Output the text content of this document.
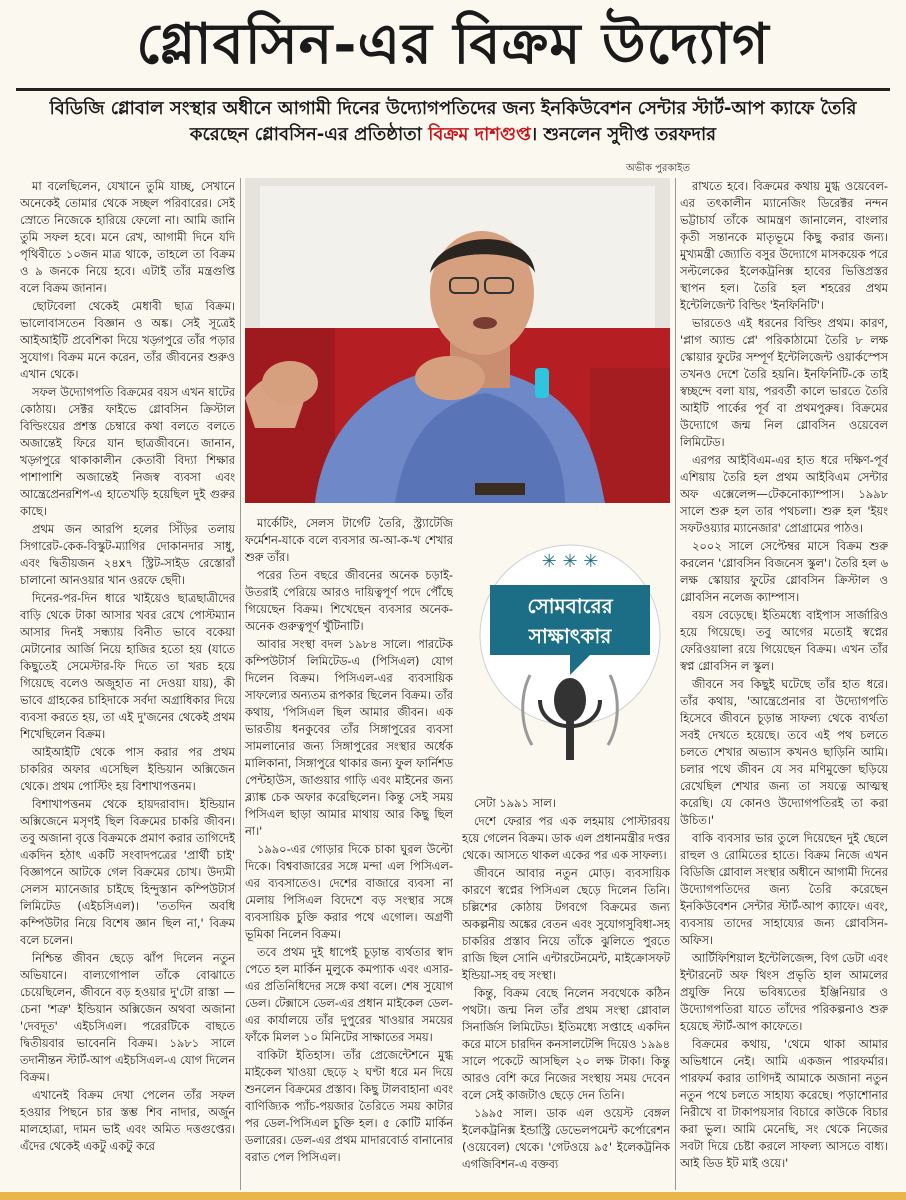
গ্লোবসিন-এর বিক্রম উদ্যোগ
বিডিজি গ্লোবাল সংস্থার অধীনে আগামী দিনের উদ্যোগপতিদের জন্য ইনকিউবেশন সেন্টার স্টার্ট-আপ ক্যাফে তৈরি করেছেন গ্লোবসিন-এর প্রতিষ্ঠাতা বিক্রম দাশগুপ্ত। শুনলেন সুদীপ্ত তরফদার
অভীক পুরকাইত
✳ ✳ ✳
সোমবারের
সাক্ষাৎকার

মা বলেছিলেন, যেখানে তুমি যাচ্ছ, সেখানে অনেকেই তোমার থেকে সচ্ছল পরিবারের। সেই স্রোতে নিজেকে হারিয়ে ফেলো না। আমি জানি তুমি সফল হবে। মনে রেখ, আগামী দিনে যদি পৃথিবীতে ১০জন মাত্র থাকে, তাহলে তা বিক্রম ও ৯ জনকে নিয়ে হবে। এটাই তাঁর মন্ত্রগুপ্তি বলে বিক্রম জানান।

ছোটবেলা থেকেই মেধাবী ছাত্র বিক্রম। ভালোবাসতেন বিজ্ঞান ও অঙ্ক। সেই সূত্রেই আইআইটি প্রবেশিকা দিয়ে খড়্গপুরে তাঁর পড়ার সুযোগ। বিক্রম মনে করেন, তাঁর জীবনের শুরুও এখান থেকে।

সফল উদ্যোগপতি বিক্রমের বয়স এখন ষাটের কোঠায়। সেক্টর ফাইভে গ্লোবসিন ক্রিস্টাল বিল্ডিংয়ের প্রশস্ত চেম্বারে কথা বলতে বলতে অজান্তেই ফিরে যান ছাত্রজীবনে। জানান, খড়্গপুরে থাকাকালীন কেতাবী বিদ্যা শিক্ষার পাশাপাশি অজান্তেই নিজস্ব ব্যবসা এবং আন্ত্রেপ্রেনরশিপ-এ হাতেখড়ি হয়েছিল দুই গুরুর কাছে।

প্রথম জন আরপি হলের সিঁড়ির তলায় সিগারেট-কেক-বিস্কুট-ম্যাগির দোকানদার সাধু, এবং দ্বিতীয়জন ২৪x৭ স্ট্রিট-সাইড রেস্তোরাঁ চালানো আনওয়ার খান ওরফে ছেদী।

দিনের-পর-দিন ধারে খাইয়েও ছাত্রছাত্রীদের বাড়ি থেকে টাকা আসার খবর রেখে পোস্টম্যান আসার দিনই সন্ধ্যায় বিনীত ভাবে বকেয়া মেটানোর আর্জি নিয়ে হাজির হতো হয় (যাতে কিছুতেই সেমেস্টার-ফি দিতে তা খরচ হয়ে গিয়েছে বলেও অজুহাত না দেওয়া যায়), কী ভাবে গ্রাহকের চাহিদাকে সর্বদা অগ্রাধিকার দিয়ে ব্যবসা করতে হয়, তা এই দু'জনের থেকেই প্রথম শিখেছিলেন বিক্রম।

আইআইটি থেকে পাস করার পর প্রথম চাকরির অফার এসেছিল ইন্ডিয়ান অক্সিজেন থেকে। প্রথম পোস্টিং হয় বিশাখাপত্তনম।

বিশাখাপত্তনম থেকে হায়দরাবাদ। ইন্ডিয়ান অক্সিজেনে মসৃণই ছিল বিক্রমের চাকরি জীবন। তবু অজানা বৃত্তে বিক্রমকে প্রমাণ করার তাগিদেই একদিন হঠাৎ একটি সংবাদপত্রের 'প্রার্থী চাই' বিজ্ঞাপনে আটকে গেল বিক্রমের চোখ। উদ্যমী সেলস ম্যানেজার চাইছে হিন্দুস্তান কম্পিউটার্স লিমিটেড (এইচসিএল)। 'ততদিন অবধি কম্পিউটার নিয়ে বিশেষ জ্ঞান ছিল না,' বিক্রম বলে চলেন।

নিশ্চিন্ত জীবন ছেড়ে ঝাঁপ দিলেন নতুন অভিযানে। বাল্যগোপাল তাঁকে বোঝাতে চেয়েছিলেন, জীবনে বড় হওয়ার দু'টো রাস্তা — চেনা 'শত্রু' ইন্ডিয়ান অক্সিজেন অথবা অজানা 'দেবদূত' এইচসিএল। পরেরটিকে বাছতে দ্বিতীয়বার ভাবেননি বিক্রম। ১৯৮১ সালে তদানীন্তন স্টার্ট-আপ এইচসিএল-এ যোগ দিলেন বিক্রম।

এখানেই বিক্রম দেখা পেলেন তাঁর সফল হওয়ার পিছনে চার স্তম্ভ শিব নাদার, অর্জুন মালহোত্রা, দামন ভাই এবং অমিত দত্তগুপ্তের। এঁদের থেকেই একটু একটু করে

মার্কেটিং, সেলস টার্গেট তৈরি, স্ট্র্যাটেজি ফর্মেশন-যাকে বলে ব্যবসার অ-আ-ক-খ শেখার শুরু তাঁর।

পরের তিন বছরে জীবনের অনেক চড়াই-উতরাই পেরিয়ে আরও দায়িত্বপূর্ণ পদে পৌঁছে গিয়েছেন বিক্রম। শিখেছেন ব্যবসার অনেক-অনেক গুরুত্বপূর্ণ খুঁটিনাটি।

আবার সংস্থা বদল ১৯৮৪ সালে। পারটেক কম্পিউটার্স লিমিটেড-এ (পিসিএল) যোগ দিলেন বিক্রম। পিসিএল-এর ব্যবসায়িক সাফল্যের অন্যতম রূপকার ছিলেন বিক্রম। তাঁর কথায়, 'পিসিএল ছিল আমার জীবন। এক ভারতীয় ধনকুবের তাঁর সিঙ্গাপুরের ব্যবসা সামলানোর জন্য সিঙ্গাপুরের সংস্থার অর্ধেক মালিকানা, সিঙ্গাপুরে থাকার জন্য ফুল ফার্নিশড পেন্টহাউস, জাগুয়ার গাড়ি এবং মাইনের জন্য ব্ল্যাঙ্ক চেক অফার করেছিলেন। কিন্তু সেই সময় পিসিএল ছাড়া আমার মাথায় আর কিছু ছিল না।'

১৯৯০-এর গোড়ার দিকে চাকা ঘুরল উল্টো দিকে। বিশ্ববাজারের সঙ্গে মন্দা এল পিসিএল-এর ব্যবসাতেও। দেশের বাজারে ব্যবসা না মেলায় পিসিএল বিদেশে বড় সংস্থার সঙ্গে ব্যবসায়িক চুক্তি করার পথে এগোল। অগ্রণী ভূমিকা নিলেন বিক্রম।

তবে প্রথম দুই ধাপেই চূড়ান্ত ব্যর্থতার স্বাদ পেতে হল মার্কিন মুলুকে কমপ্যাক এবং এসার-এর প্রতিনিধিদের সঙ্গে কথা বলে। শেষ সুযোগ ডেল। টেক্সাসে ডেল-এর প্রধান মাইকেল ডেল-এর কার্যালয়ে তাঁর দুপুরের খাওয়ার সময়ের ফাঁকে মিলল ১০ মিনিটের সাক্ষাতের সময়।

বাকিটা ইতিহাস। তাঁর প্রেজেন্টেশনে মুগ্ধ মাইকেল খাওয়া ছেড়ে ২ ঘণ্টা ধরে মন দিয়ে শুনলেন বিক্রমের প্রস্তাব। কিছু টালবাহানা এবং বাণিজ্যিক প্যাঁচ-পয়জার তৈরিতে সময় কাটার পর ডেল-পিসিএল চুক্তি হল। ৫ কোটি মার্কিন ডলারের। ডেল-এর প্রথম মাদারবোর্ড বানানোর বরাত পেল পিসিএল।

সেটা ১৯৯১ সাল।

দেশে ফেরার পর এক লহমায় পোস্টারবয় হয়ে গেলেন বিক্রম। ডাক এল প্রধানমন্ত্রীর দপ্তর থেকে। আসতে থাকল একের পর এক সাফল্য।

জীবনে আবার নতুন মোড়। ব্যবসায়িক কারণে স্বপ্নের পিসিএল ছেড়ে দিলেন তিনি। চল্লিশের কোঠায় টগবগে বিক্রমের জন্য অকল্পনীয় অঙ্কের বেতন এবং সুযোগসুবিধা-সহ চাকরির প্রস্তাব নিয়ে তাঁকে ঝুলিতে পুরতে রাজি ছিল সোনি এন্টারটেনমেন্ট, মাইক্রোসফট ইন্ডিয়া-সহ বহু সংস্থা।

কিন্তু, বিক্রম বেছে নিলেন সবথেকে কঠিন পথটা। জন্ম নিল তাঁর প্রথম সংস্থা গ্লোবাল সিনার্জিস লিমিটেড। ইতিমধ্যে সপ্তাহে একদিন করে মাসে চারদিন কনসালটেন্সি দিয়েও ১৯৯৪ সালে পকেটে আসছিল ২০ লক্ষ টাকা। কিন্তু আরও বেশি করে নিজের সংস্থায় সময় দেবেন বলে সেই কাজটাও ছেড়ে দেন তিনি।

১৯৯৫ সাল। ডাক এল ওয়েস্ট বেঙ্গল ইলেকট্রনিক্স ইন্ডাস্ট্রি ডেভেলপমেন্ট কর্পোরেশন (ওয়েবেল) থেকে। 'গেটওয়ে ৯৫' ইলেকট্রনিক এগজিবিশন-এ বক্তব্য

রাখতে হবে। বিক্রমের কথায় মুগ্ধ ওয়েবেল-এর তৎকালীন ম্যানেজিং ডিরেক্টর নন্দন ভট্টাচার্য তাঁকে আমন্ত্রণ জানালেন, বাংলার কৃতী সন্তানকে মাতৃভূমে কিছু করার জন্য। মুখ্যমন্ত্রী জ্যোতি বসুর উদ্যোগে মাসকয়েক পরে সল্টলেকের ইলেকট্রনিক্স হাবের ভিত্তিপ্রস্তর স্থাপন হল। তৈরি হল শহরের প্রথম ইন্টেলিজেন্ট বিল্ডিং 'ইনফিনিটি'।

ভারতেও এই ধরনের বিল্ডিং প্রথম। কারণ, 'প্লাগ অ্যান্ড প্লে' পরিকাঠামো তৈরি ৮ লক্ষ স্কোয়ার ফুটের সম্পূর্ণ ইন্টেলিজেন্ট ওয়ার্কস্পেস তখনও দেশে তৈরি হয়নি। ইনফিনিটি-কে তাই স্বচ্ছন্দে বলা যায়, পরবর্তী কালে ভারতে তৈরি আইটি পার্কের পূর্ব বা প্রথমপুরুষ। বিক্রমের উদ্যোগে জন্ম নিল গ্লোবসিন ওয়েবেল লিমিটেড।

এরপর আইবিএম-এর হাত ধরে দক্ষিণ-পূর্ব এশিয়ায় তৈরি হল প্রথম আইবিএম সেন্টার অফ এক্সেলেন্স—টেকনোক্যাম্পাস। ১৯৯৮ সালে শুরু হল তার পথচলা। শুরু হল 'ইয়ং সফটওয়্যার ম্যানেজার' প্রোগ্রামের পাঠও।

২০০২ সালে সেপ্টেম্বর মাসে বিক্রম শুরু করলেন 'গ্লোবসিন বিজনেস স্কুল'। তৈরি হল ৬ লক্ষ স্কোয়ার ফুটের গ্লোবসিন ক্রিস্টাল ও গ্লোবসিন নলেজ ক্যাম্পাস।

বয়স বেড়েছে। ইতিমধ্যে বাইপাস সার্জারিও হয়ে গিয়েছে। তবু আগের মতোই স্বপ্নের ফেরিওয়ালা রয়ে গিয়েছেন বিক্রম। এখন তাঁর স্বপ্ন গ্লোবসিন ল স্কুল।

জীবনে সব কিছুই ঘটেছে তাঁর হাত ধরে। তাঁর কথায়, 'আন্ত্রেপ্রেনার বা উদ্যোগপতি হিসেবে জীবনে চূড়ান্ত সাফল্য থেকে ব্যর্থতা সবই দেখতে হয়েছে। তবে এই পথ চলতে চলতে শেখার অভ্যাস কখনও ছাড়িনি আমি। চলার পথে জীবন যে সব মণিমুক্তো ছড়িয়ে রেখেছিল শেখার জন্য তা সযত্নে আত্মস্থ করেছি। যে কোনও উদ্যোগপতিরই তা করা উচিত।'

বাকি ব্যবসার ভার তুলে দিয়েছেন দুই ছেলে রাহুল ও রোমিতের হাতে। বিক্রম নিজে এখন বিডিজি গ্লোবাল সংস্থার অধীনে আগামী দিনের উদ্যোগপতিদের জন্য তৈরি করেছেন ইনকিউবেশন সেন্টার স্টার্ট-আপ ক্যাফে। এবং, ব্যবসায় তাদের সাহায্যের জন্য গ্লোবসিন-অফিস।

আর্টিফিশিয়াল ইন্টেলিজেন্স, বিগ ডেটা এবং ইন্টারনেট অফ থিংস প্রভৃতি হাল আমলের প্রযুক্তি নিয়ে ভবিষ্যতের ইঞ্জিনিয়ার ও উদ্যোগপতিরা যাতে তাঁদের পরিকল্পনাও শুরু হয়েছে স্টার্ট-আপ কাফেতে।

বিক্রমের কথায়, 'থেমে থাকা আমার অভিধানে নেই। আমি একজন পারফর্মার। পারফর্ম করার তাগিদই আমাকে অজানা নতুন নতুন পথে চলতে সাহায্য করেছে। পড়াশোনার নিরীখে বা টাকাপয়সার বিচারে কাউকে বিচার করা ভুল। আমি মেনেছি, সং থেকে নিজের সবটা দিয়ে চেষ্টা করলে সাফল্য আসতে বাধ্য। আই ডিড ইট মাই ওয়ে।'
